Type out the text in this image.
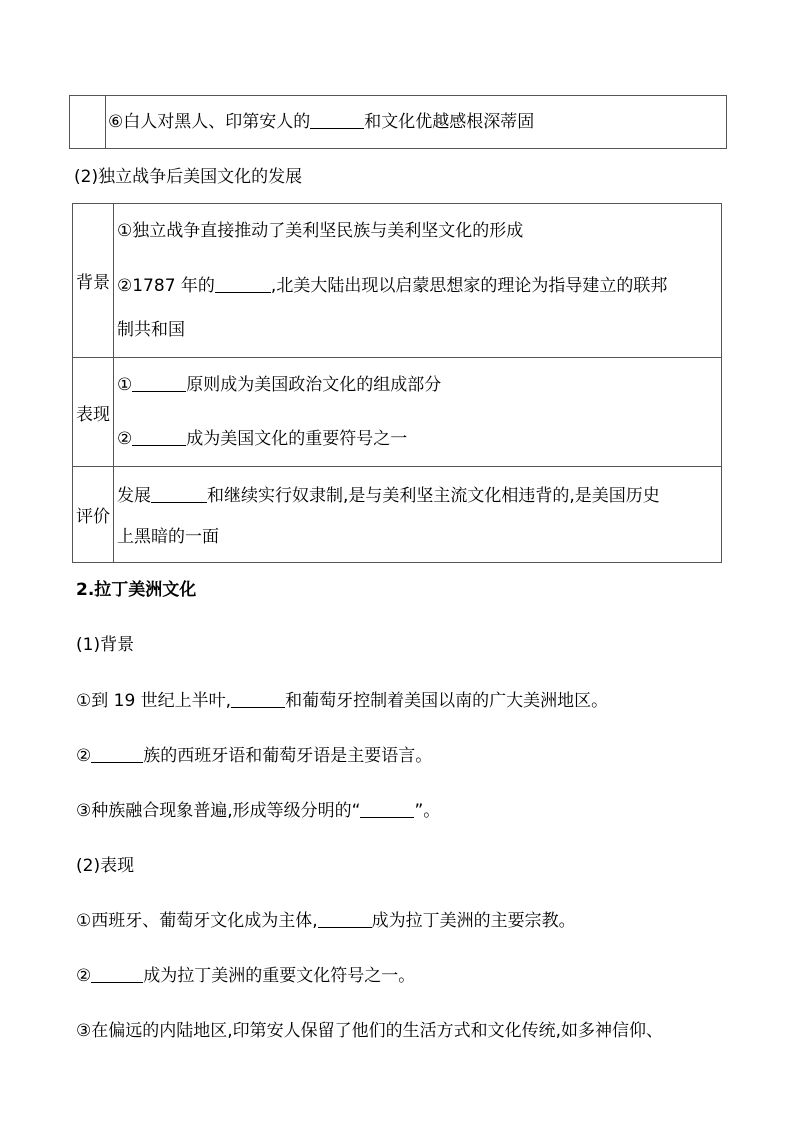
⑥白人对黑人、印第安人的	和文化优越感根深蒂固
(2)独立战争后美国文化的发展
背景
①独立战争直接推动了美利坚民族与美利坚文化的形成
②1787 年的	,北美大陆出现以启蒙思想家的理论为指导建立的联邦
制共和国
表现
①	原则成为美国政治文化的组成部分
②	成为美国文化的重要符号之一
评价
发展	和继续实行奴隶制,是与美利坚主流文化相违背的,是美国历史
上黑暗的一面
2.拉丁美洲文化
(1)背景
①到 19 世纪上半叶,	和葡萄牙控制着美国以南的广大美洲地区。
②	族的西班牙语和葡萄牙语是主要语言。
③种族融合现象普遍,形成等级分明的“	”。
(2)表现
①西班牙、葡萄牙文化成为主体,	成为拉丁美洲的主要宗教。
②	成为拉丁美洲的重要文化符号之一。
③在偏远的内陆地区,印第安人保留了他们的生活方式和文化传统,如多神信仰、
